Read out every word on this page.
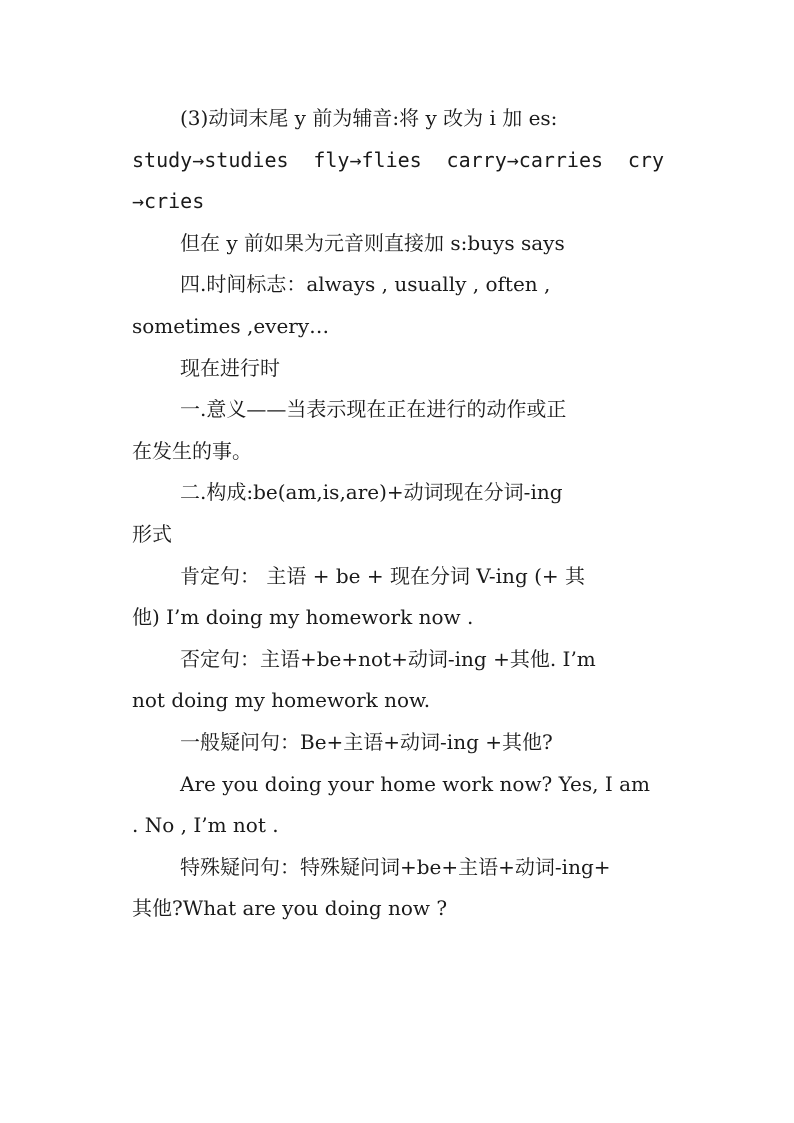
(3)动词末尾 y 前为辅音:将 y 改为 i 加 es:
study→studies fly→flies carry→carries cry
→cries
但在 y 前如果为元音则直接加 s:buys says
四.时间标志：always , usually , often ,
sometimes ,every…
现在进行时
一.意义——当表示现在正在进行的动作或正
在发生的事。
二.构成:be(am,is,are)+动词现在分词-ing
形式
肯定句： 主语 + be + 现在分词 V-ing (+ 其
他) I’m doing my homework now .
否定句：主语+be+not+动词-ing +其他. I’m
not doing my homework now.
一般疑问句：Be+主语+动词-ing +其他?
Are you doing your home work now? Yes, I am
. No , I’m not .
特殊疑问句：特殊疑问词+be+主语+动词-ing+
其他?What are you doing now ?
